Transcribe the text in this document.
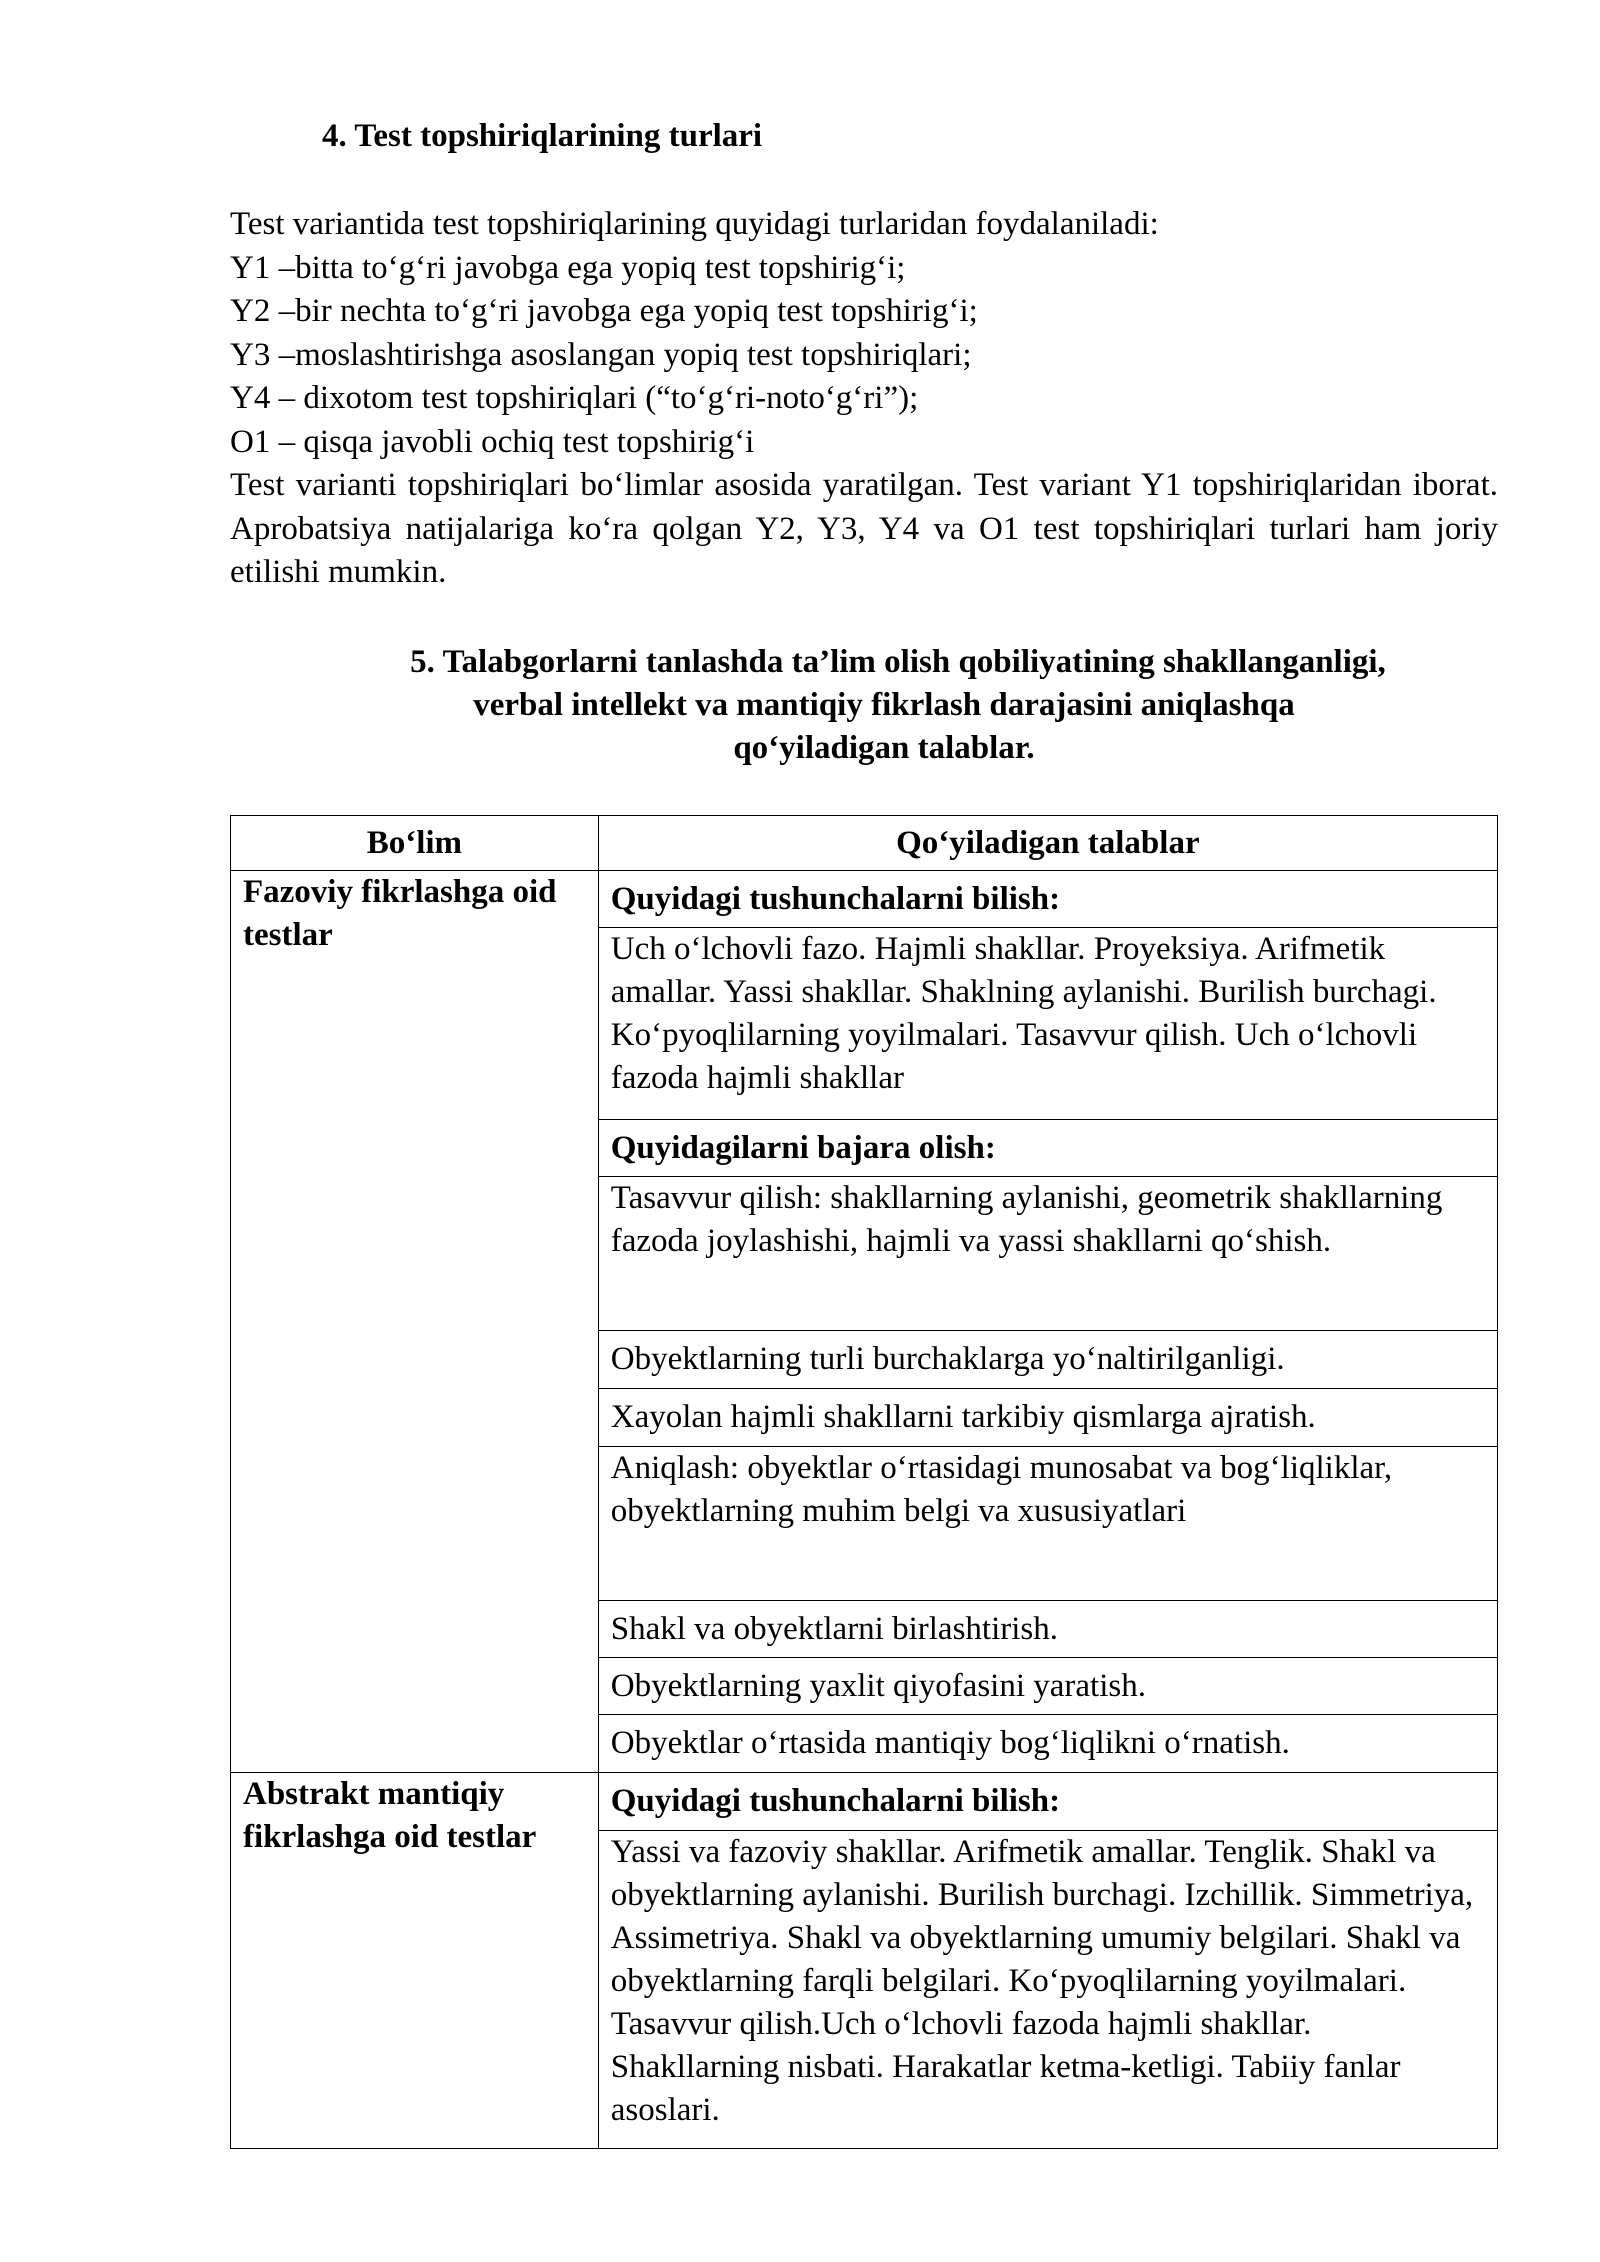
4. Test topshiriqlarining turlari
Test variantida test topshiriqlarining quyidagi turlaridan foydalaniladi:
Y1 –bitta to‘g‘ri javobga ega yopiq test topshirig‘i;
Y2 –bir nechta to‘g‘ri javobga ega yopiq test topshirig‘i;
Y3 –moslashtirishga asoslangan yopiq test topshiriqlari;
Y4 – dixotom test topshiriqlari (“to‘g‘ri-noto‘g‘ri”);
O1 – qisqa javobli ochiq test topshirig‘i

Test varianti topshiriqlari bo‘limlar asosida yaratilgan. Test variant Y1 topshiriqlaridan iborat. Aprobatsiya natijalariga ko‘ra qolgan Y2, Y3, Y4 va O1 test topshiriqlari turlari ham joriy etilishi mumkin.

5. Talabgorlarni tanlashda ta’lim olish qobiliyatining shakllanganligi,
verbal intellekt va mantiqiy fikrlash darajasini aniqlashqa
qo‘yiladigan talablar.
Bo‘lim	Qo‘yiladigan talablar
Fazoviy fikrlashga oid testlar	Quyidagi tushunchalarni bilish:
	Uch o‘lchovli fazo. Hajmli shakllar. Proyeksiya. Arifmetik amallar. Yassi shakllar. Shaklning aylanishi. Burilish burchagi. Ko‘pyoqlilarning yoyilmalari. Tasavvur qilish. Uch o‘lchovli fazoda hajmli shakllar
	Quyidagilarni bajara olish:
	Tasavvur qilish: shakllarning aylanishi, geometrik shakllarning fazoda joylashishi, hajmli va yassi shakllarni qo‘shish.
	Obyektlarning turli burchaklarga yo‘naltirilganligi.
	Xayolan hajmli shakllarni tarkibiy qismlarga ajratish.
	Aniqlash: obyektlar o‘rtasidagi munosabat va bog‘liqliklar, obyektlarning muhim belgi va xususiyatlari
	Shakl va obyektlarni birlashtirish.
	Obyektlarning yaxlit qiyofasini yaratish.
	Obyektlar o‘rtasida mantiqiy bog‘liqlikni o‘rnatish.
Abstrakt mantiqiy fikrlashga oid testlar	Quyidagi tushunchalarni bilish:
	Yassi va fazoviy shakllar. Arifmetik amallar. Tenglik. Shakl va obyektlarning aylanishi. Burilish burchagi. Izchillik. Simmetriya, Assimetriya. Shakl va obyektlarning umumiy belgilari. Shakl va obyektlarning farqli belgilari. Ko‘pyoqlilarning yoyilmalari. Tasavvur qilish.Uch o‘lchovli fazoda hajmli shakllar. Shakllarning nisbati. Harakatlar ketma-ketligi. Tabiiy fanlar asoslari.
